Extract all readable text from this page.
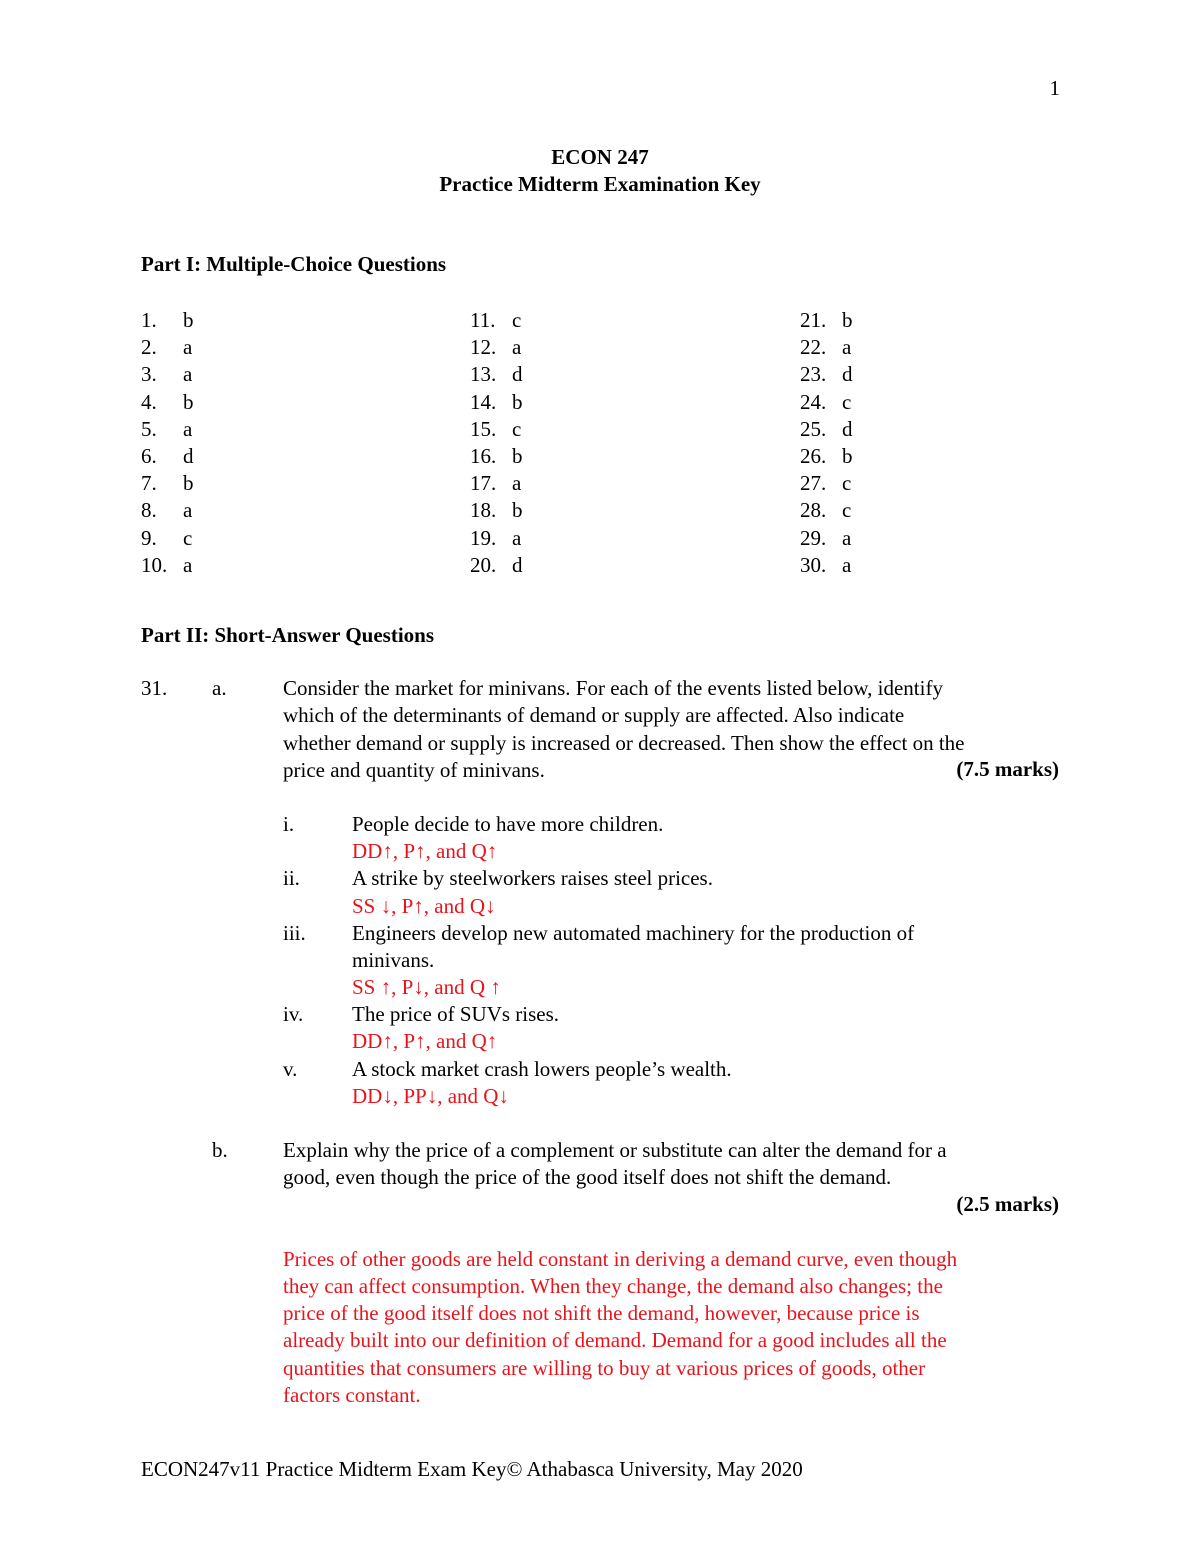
1
ECON 247
Practice Midterm Examination Key
Part I: Multiple-Choice Questions
1. b
2. a
3. a
4. b
5. a
6. d
7. b
8. a
9. c
10. a
11. c
12. a
13. d
14. b
15. c
16. b
17. a
18. b
19. a
20. d
21. b
22. a
23. d
24. c
25. d
26. b
27. c
28. c
29. a
30. a
Part II: Short-Answer Questions
31. a.	Consider the market for minivans. For each of the events listed below, identify
which of the determinants of demand or supply are affected. Also indicate
whether demand or supply is increased or decreased. Then show the effect on the
price and quantity of minivans.	(7.5 marks)
i.	People decide to have more children.
DD↑, P↑, and Q↑
ii. A strike by steelworkers raises steel prices.
SS ↓, P↑, and Q↓
iii. Engineers develop new automated machinery for the production of
minivans.
SS ↑, P↓, and Q ↑
iv. The price of SUVs rises.
DD↑, P↑, and Q↑
v.	A stock market crash lowers people’s wealth.
DD↓, PP↓, and Q↓
b.	Explain why the price of a complement or substitute can alter the demand for a
good, even though the price of the good itself does not shift the demand.
(2.5 marks)
Prices of other goods are held constant in deriving a demand curve, even though
they can affect consumption. When they change, the demand also changes; the
price of the good itself does not shift the demand, however, because price is
already built into our definition of demand. Demand for a good includes all the
quantities that consumers are willing to buy at various prices of goods, other
factors constant.
ECON247v11 Practice Midterm Exam Key© Athabasca University, May 2020
